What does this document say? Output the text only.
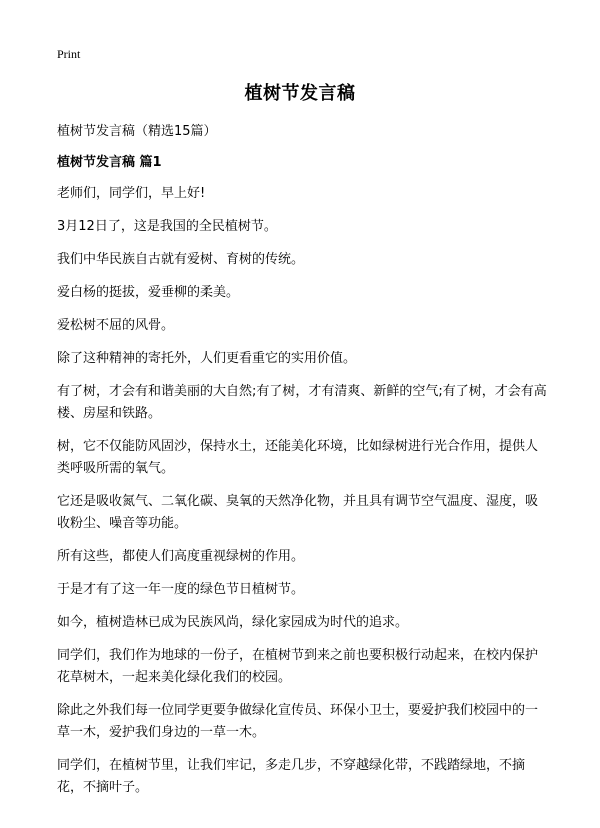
Print
植树节发言稿

植树节发言稿（精选15篇）

植树节发言稿 篇1
老师们，同学们，早上好!
3月12日了，这是我国的全民植树节。
我们中华民族自古就有爱树、育树的传统。
爱白杨的挺拔，爱垂柳的柔美。
爱松树不屈的风骨。
除了这种精神的寄托外，人们更看重它的实用价值。
有了树，才会有和谐美丽的大自然;有了树，才有清爽、新鲜的空气;有了树，才会有高楼、房屋和铁路。
树，它不仅能防风固沙，保持水土，还能美化环境，比如绿树进行光合作用，提供人类呼吸所需的氧气。
它还是吸收氮气、二氧化碳、臭氧的天然净化物，并且具有调节空气温度、湿度，吸收粉尘、噪音等功能。
所有这些，都使人们高度重视绿树的作用。
于是才有了这一年一度的绿色节日植树节。
如今，植树造林已成为民族风尚，绿化家园成为时代的追求。
同学们，我们作为地球的一份子，在植树节到来之前也要积极行动起来，在校内保护花草树木，一起来美化绿化我们的校园。
除此之外我们每一位同学更要争做绿化宣传员、环保小卫士，要爱护我们校园中的一草一木，爱护我们身边的一草一木。
同学们，在植树节里，让我们牢记，多走几步，不穿越绿化带，不践踏绿地，不摘花，不摘叶子。
